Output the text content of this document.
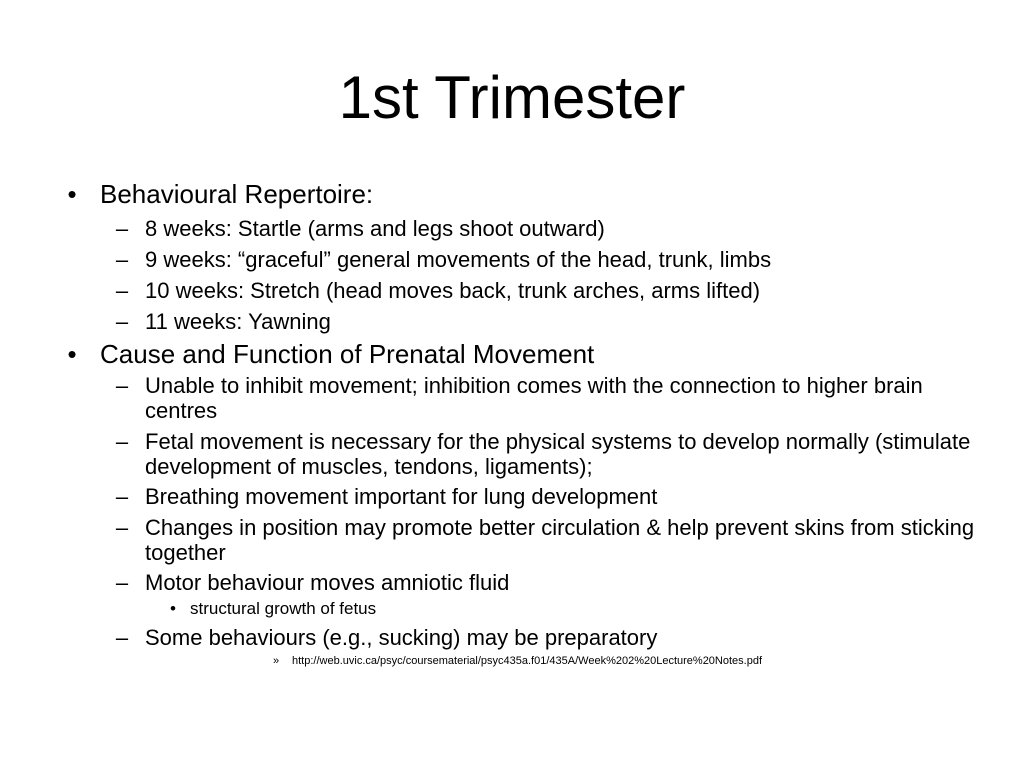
1st Trimester
• Behavioural Repertoire:
– 8 weeks: Startle (arms and legs shoot outward)
– 9 weeks: “graceful” general movements of the head, trunk, limbs
– 10 weeks: Stretch (head moves back, trunk arches, arms lifted)
– 11 weeks: Yawning
• Cause and Function of Prenatal Movement
– Unable to inhibit movement; inhibition comes with the connection to higher brain centres
– Fetal movement is necessary for the physical systems to develop normally (stimulate development of muscles, tendons, ligaments);
– Breathing movement important for lung development
– Changes in position may promote better circulation & help prevent skins from sticking together
– Motor behaviour moves amniotic fluid
• structural growth of fetus
– Some behaviours (e.g., sucking) may be preparatory
» http://web.uvic.ca/psyc/coursematerial/psyc435a.f01/435A/Week%202%20Lecture%20Notes.pdf
